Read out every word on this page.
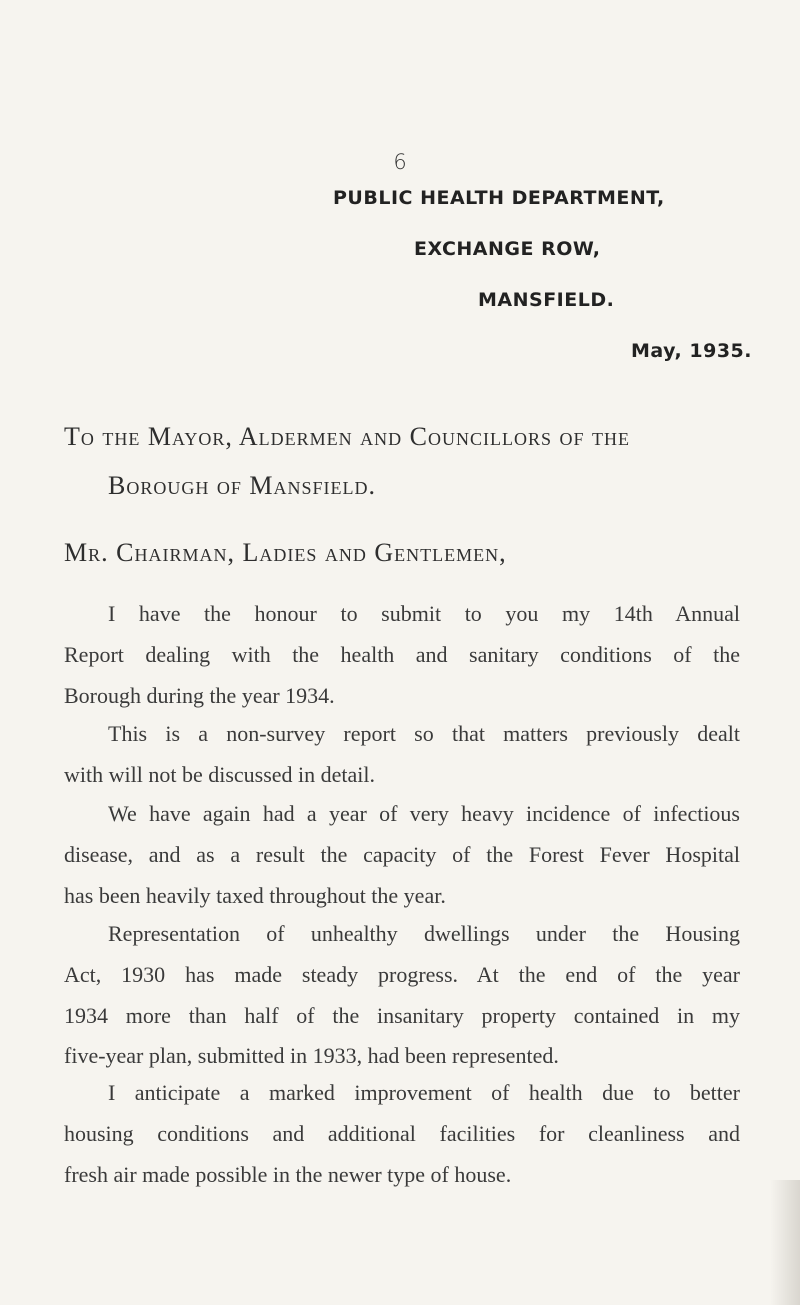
6
PUBLIC HEALTH DEPARTMENT,
EXCHANGE ROW,
MANSFIELD.
May, 1935.
To the Mayor, Aldermen and Councillors of the
Borough of Mansfield.
Mr. Chairman, Ladies and Gentlemen,
I have the honour to submit to you my 14th Annual
Report dealing with the health and sanitary conditions of the
Borough during the year 1934.
This is a non-survey report so that matters previously dealt
with will not be discussed in detail.
We have again had a year of very heavy incidence of infectious
disease, and as a result the capacity of the Forest Fever Hospital
has been heavily taxed throughout the year.
Representation of unhealthy dwellings under the Housing
Act, 1930 has made steady progress. At the end of the year
1934 more than half of the insanitary property contained in my
five-year plan, submitted in 1933, had been represented.
I anticipate a marked improvement of health due to better
housing conditions and additional facilities for cleanliness and
fresh air made possible in the newer type of house.
